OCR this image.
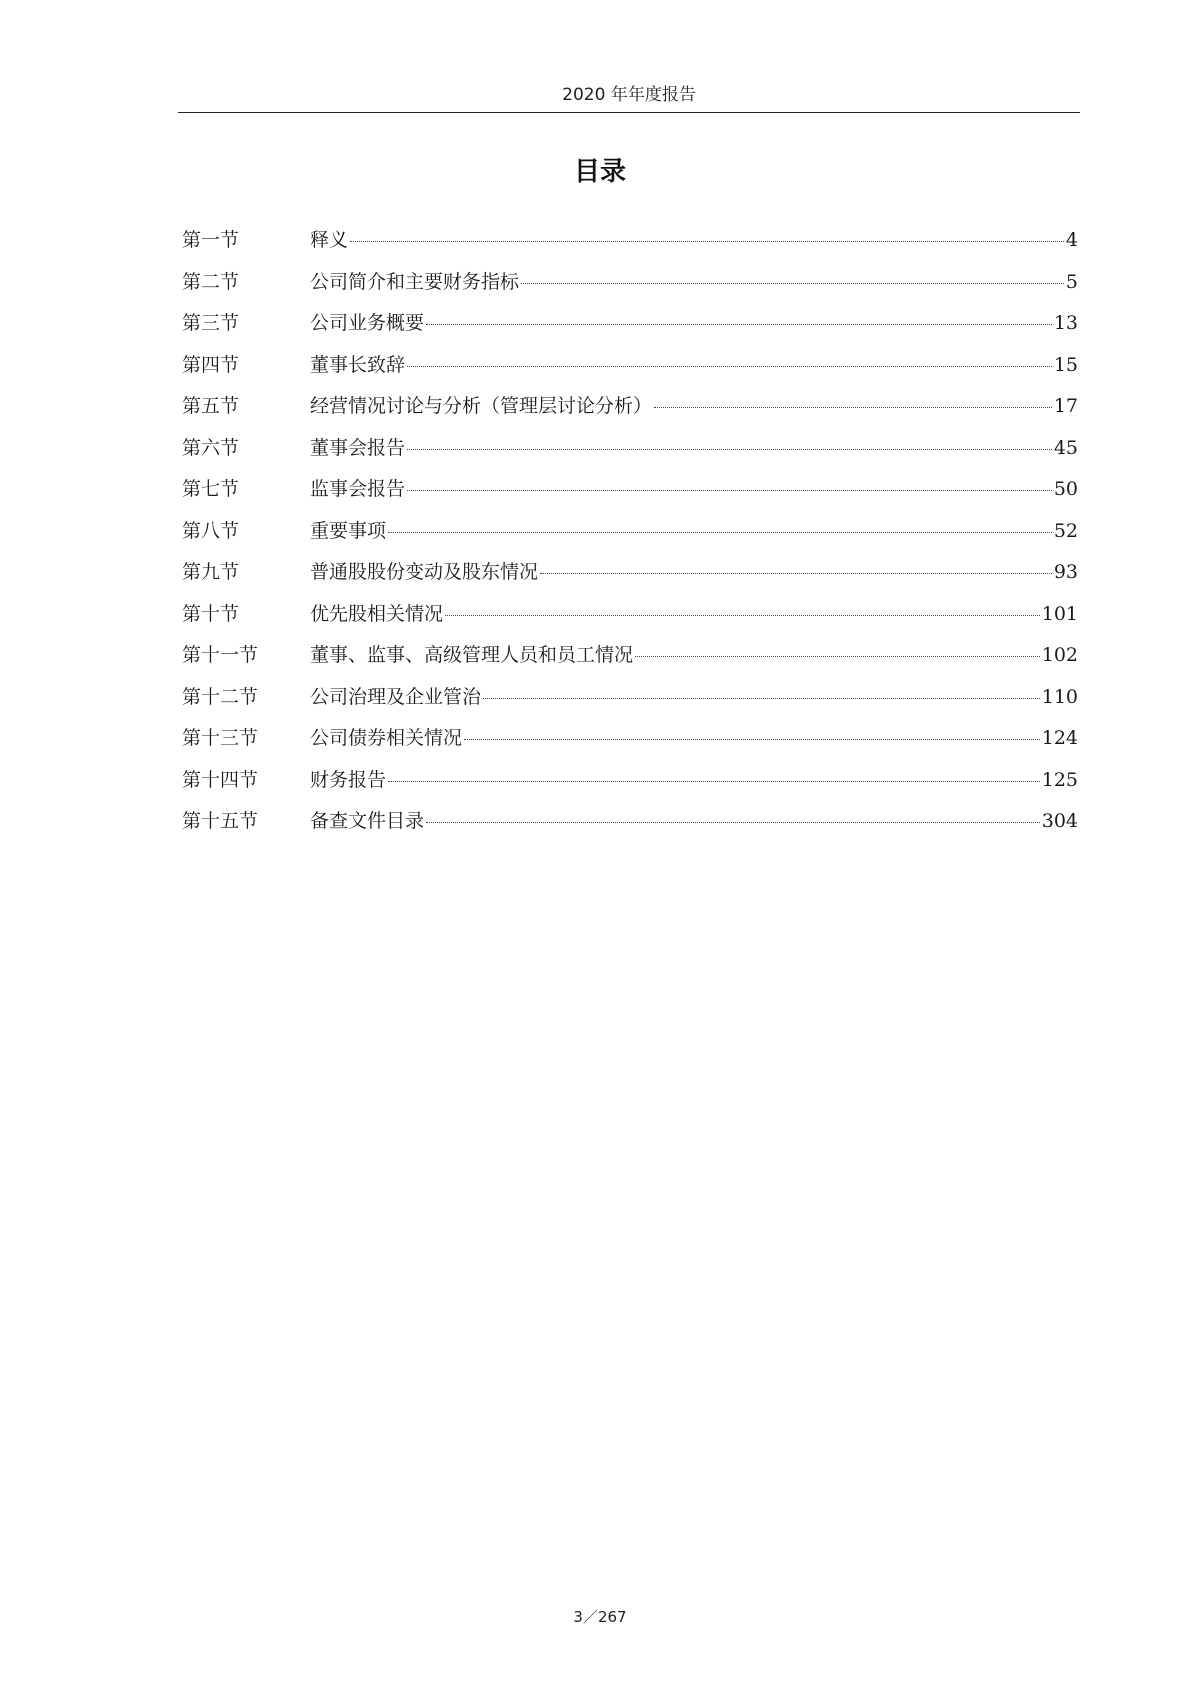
2020 年年度报告
目录
第一节	释义	4
第二节	公司简介和主要财务指标	5
第三节	公司业务概要	13
第四节	董事长致辞	15
第五节	经营情况讨论与分析（管理层讨论分析）	17
第六节	董事会报告	45
第七节	监事会报告	50
第八节	重要事项	52
第九节	普通股股份变动及股东情况	93
第十节	优先股相关情况	101
第十一节	董事、监事、高级管理人员和员工情况	102
第十二节	公司治理及企业管治	110
第十三节	公司债券相关情况	124
第十四节	财务报告	125
第十五节	备查文件目录	304
3／267
